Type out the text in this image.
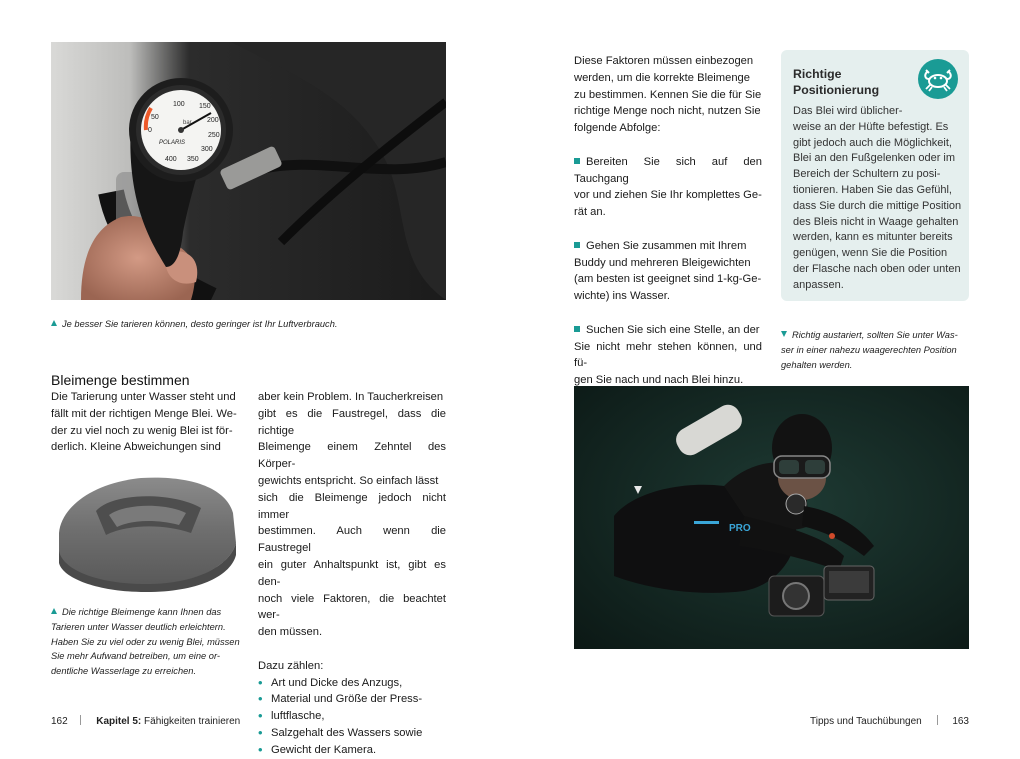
50
100 150
200
250
300
350
400
0
bar
POLARIS
Je besser Sie tarieren können, desto geringer ist Ihr Luftverbrauch.
Bleimenge bestimmen
Die Tarierung unter Wasser steht und
fällt mit der richtigen Menge Blei. We-
der zu viel noch zu wenig Blei ist för-
derlich. Kleine Abweichungen sind
Die richtige Bleimenge kann Ihnen das
Tarieren unter Wasser deutlich erleichtern.
Haben Sie zu viel oder zu wenig Blei, müssen
Sie mehr Aufwand betreiben, um eine or-
dentliche Wasserlage zu erreichen.
aber kein Problem. In Taucherkreisen
gibt es die Faustregel, dass die richtige
Bleimenge einem Zehntel des Körper-
gewichts entspricht. So einfach lässt
sich die Bleimenge jedoch nicht immer
bestimmen. Auch wenn die Faustregel
ein guter Anhaltspunkt ist, gibt es den-
noch viele Faktoren, die beachtet wer-
den müssen.
Dazu zählen:
• Art und Dicke des Anzugs,
• Material und Größe der Press-
• luftflasche,
• Salzgehalt des Wassers sowie
• Gewicht der Kamera.
162	Kapitel 5: Fähigkeiten trainieren
Diese Faktoren müssen einbezogen
werden, um die korrekte Bleimenge
zu bestimmen. Kennen Sie die für Sie
richtige Menge noch nicht, nutzen Sie
folgende Abfolge:
Bereiten Sie sich auf den Tauchgang
vor und ziehen Sie Ihr komplettes Ge-
rät an.
Gehen Sie zusammen mit Ihrem
Buddy und mehreren Bleigewichten
(am besten ist geeignet sind 1-kg-Ge-
wichte) ins Wasser.
Suchen Sie sich eine Stelle, an der
Sie nicht mehr stehen können, und fü-
gen Sie nach und nach Blei hinzu.
Richtige
Positionierung
Das Blei wird üblicher-
weise an der Hüfte befestigt. Es
gibt jedoch auch die Möglichkeit,
Blei an den Fußgelenken oder im
Bereich der Schultern zu posi-
tionieren. Haben Sie das Gefühl,
dass Sie durch die mittige Position
des Bleis nicht in Waage gehalten
werden, kann es mitunter bereits
genügen, wenn Sie die Position
der Flasche nach oben oder unten
anpassen.
Richtig austariert, sollten Sie unter Was-
ser in einer nahezu waagerechten Position
gehalten werden.
PRO
Tipps und Tauchübungen	163
